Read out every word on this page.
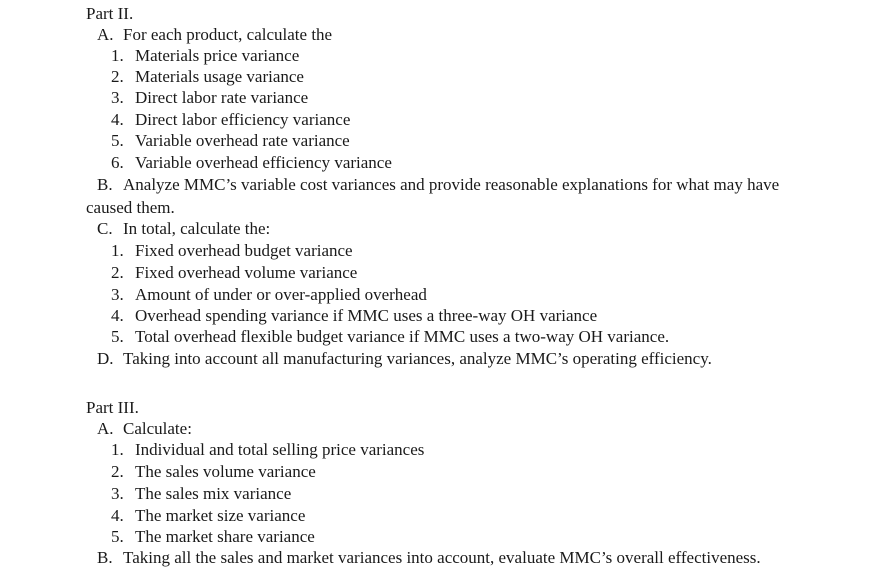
Part II.
A. For each product, calculate the
1. Materials price variance
2. Materials usage variance
3. Direct labor rate variance
4. Direct labor efficiency variance
5. Variable overhead rate variance
6. Variable overhead efficiency variance
B. Analyze MMC’s variable cost variances and provide reasonable explanations for what may have
caused them.
C. In total, calculate the:
1. Fixed overhead budget variance
2. Fixed overhead volume variance
3. Amount of under or over-applied overhead
4. Overhead spending variance if MMC uses a three-way OH variance
5. Total overhead flexible budget variance if MMC uses a two-way OH variance.
D. Taking into account all manufacturing variances, analyze MMC’s operating efficiency.
Part III.
A. Calculate:
1. Individual and total selling price variances
2. The sales volume variance
3. The sales mix variance
4. The market size variance
5. The market share variance
B. Taking all the sales and market variances into account, evaluate MMC’s overall effectiveness.
